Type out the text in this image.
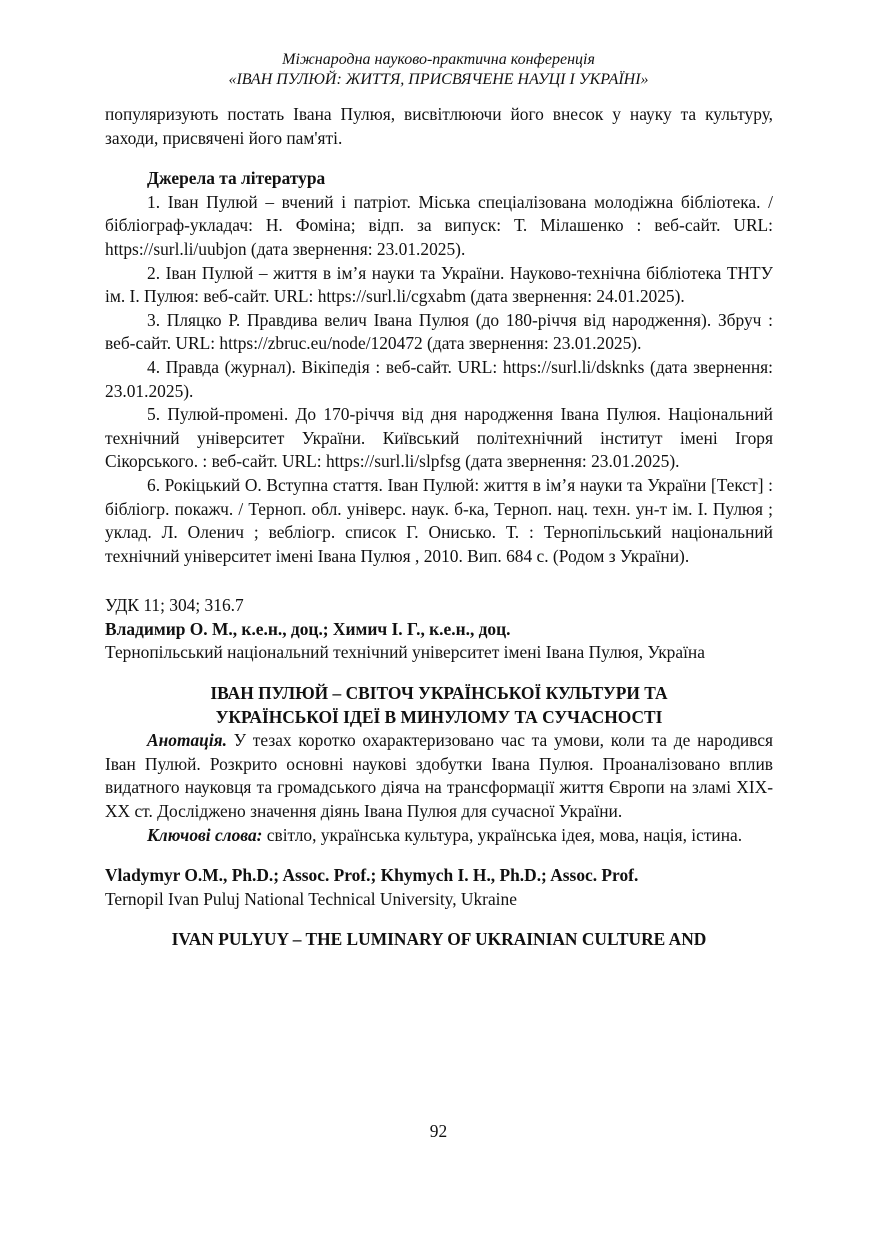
Міжнародна науково-практична конференція
«ІВАН ПУЛЮЙ: ЖИТТЯ, ПРИСВЯЧЕНЕ НАУЦІ І УКРАЇНІ»

популяризують постать Івана Пулюя, висвітлюючи його внесок у науку та культуру, заходи, присвячені його пам'яті.

Джерела та література

1. Іван Пулюй – вчений і патріот. Міська спеціалізована молодіжна бібліотека. / бібліограф-укладач: Н. Фоміна; відп. за випуск: Т. Мілашенко : веб-сайт. URL: https://surl.li/uubjon (дата звернення: 23.01.2025).

2. Іван Пулюй – життя в ім’я науки та України. Науково-технічна бібліотека ТНТУ ім. І. Пулюя: веб-сайт. URL: https://surl.li/cgxabm (дата звернення: 24.01.2025).

3. Пляцко Р. Правдива велич Івана Пулюя (до 180-річчя від народження). Збруч : веб-сайт. URL: https://zbruc.eu/node/120472 (дата звернення: 23.01.2025).

4. Правда (журнал). Вікіпедія : веб-сайт. URL: https://surl.li/dsknks (дата звернення: 23.01.2025).

5. Пулюй-промені. До 170-річчя від дня народження Івана Пулюя. Національний технічний університет України. Київський політехнічний інститут імені Ігоря Сікорського. : веб-сайт. URL: https://surl.li/slpfsg (дата звернення: 23.01.2025).

6. Рокіцький О. Вступна стаття. Іван Пулюй: життя в ім’я науки та України [Текст] : бібліогр. покажч. / Терноп. обл. універс. наук. б-ка, Терноп. нац. техн. ун-т ім. І. Пулюя ; уклад. Л. Оленич ; вебліогр. список Г. Онисько. Т. : Тернопільський національний технічний університет імені Івана Пулюя , 2010. Вип. 684 с. (Родом з України).

УДК 11; 304; 316.7

Владимир О. М., к.е.н., доц.; Химич І. Г., к.е.н., доц.

Тернопільський національний технічний університет імені Івана Пулюя, Україна

ІВАН ПУЛЮЙ – СВІТОЧ УКРАЇНСЬКОЇ КУЛЬТУРИ ТА

УКРАЇНСЬКОЇ ІДЕЇ В МИНУЛОМУ ТА СУЧАСНОСТІ

Анотація. У тезах коротко охарактеризовано час та умови, коли та де народився Іван Пулюй. Розкрито основні наукові здобутки Івана Пулюя. Проаналізовано вплив видатного науковця та громадського діяча на трансформації життя Європи на зламі ХІХ-ХХ ст. Досліджено значення діянь Івана Пулюя для сучасної України.

Ключові слова: світло, українська культура, українська ідея, мова, нація, істина.

Vladymyr O.M., Ph.D.; Assoc. Prof.; Khymych I. H., Ph.D.; Assoc. Prof.

Ternopil Ivan Puluj National Technical University, Ukraine

IVAN PULYUY – THE LUMINARY OF UKRAINIAN CULTURE AND

92
